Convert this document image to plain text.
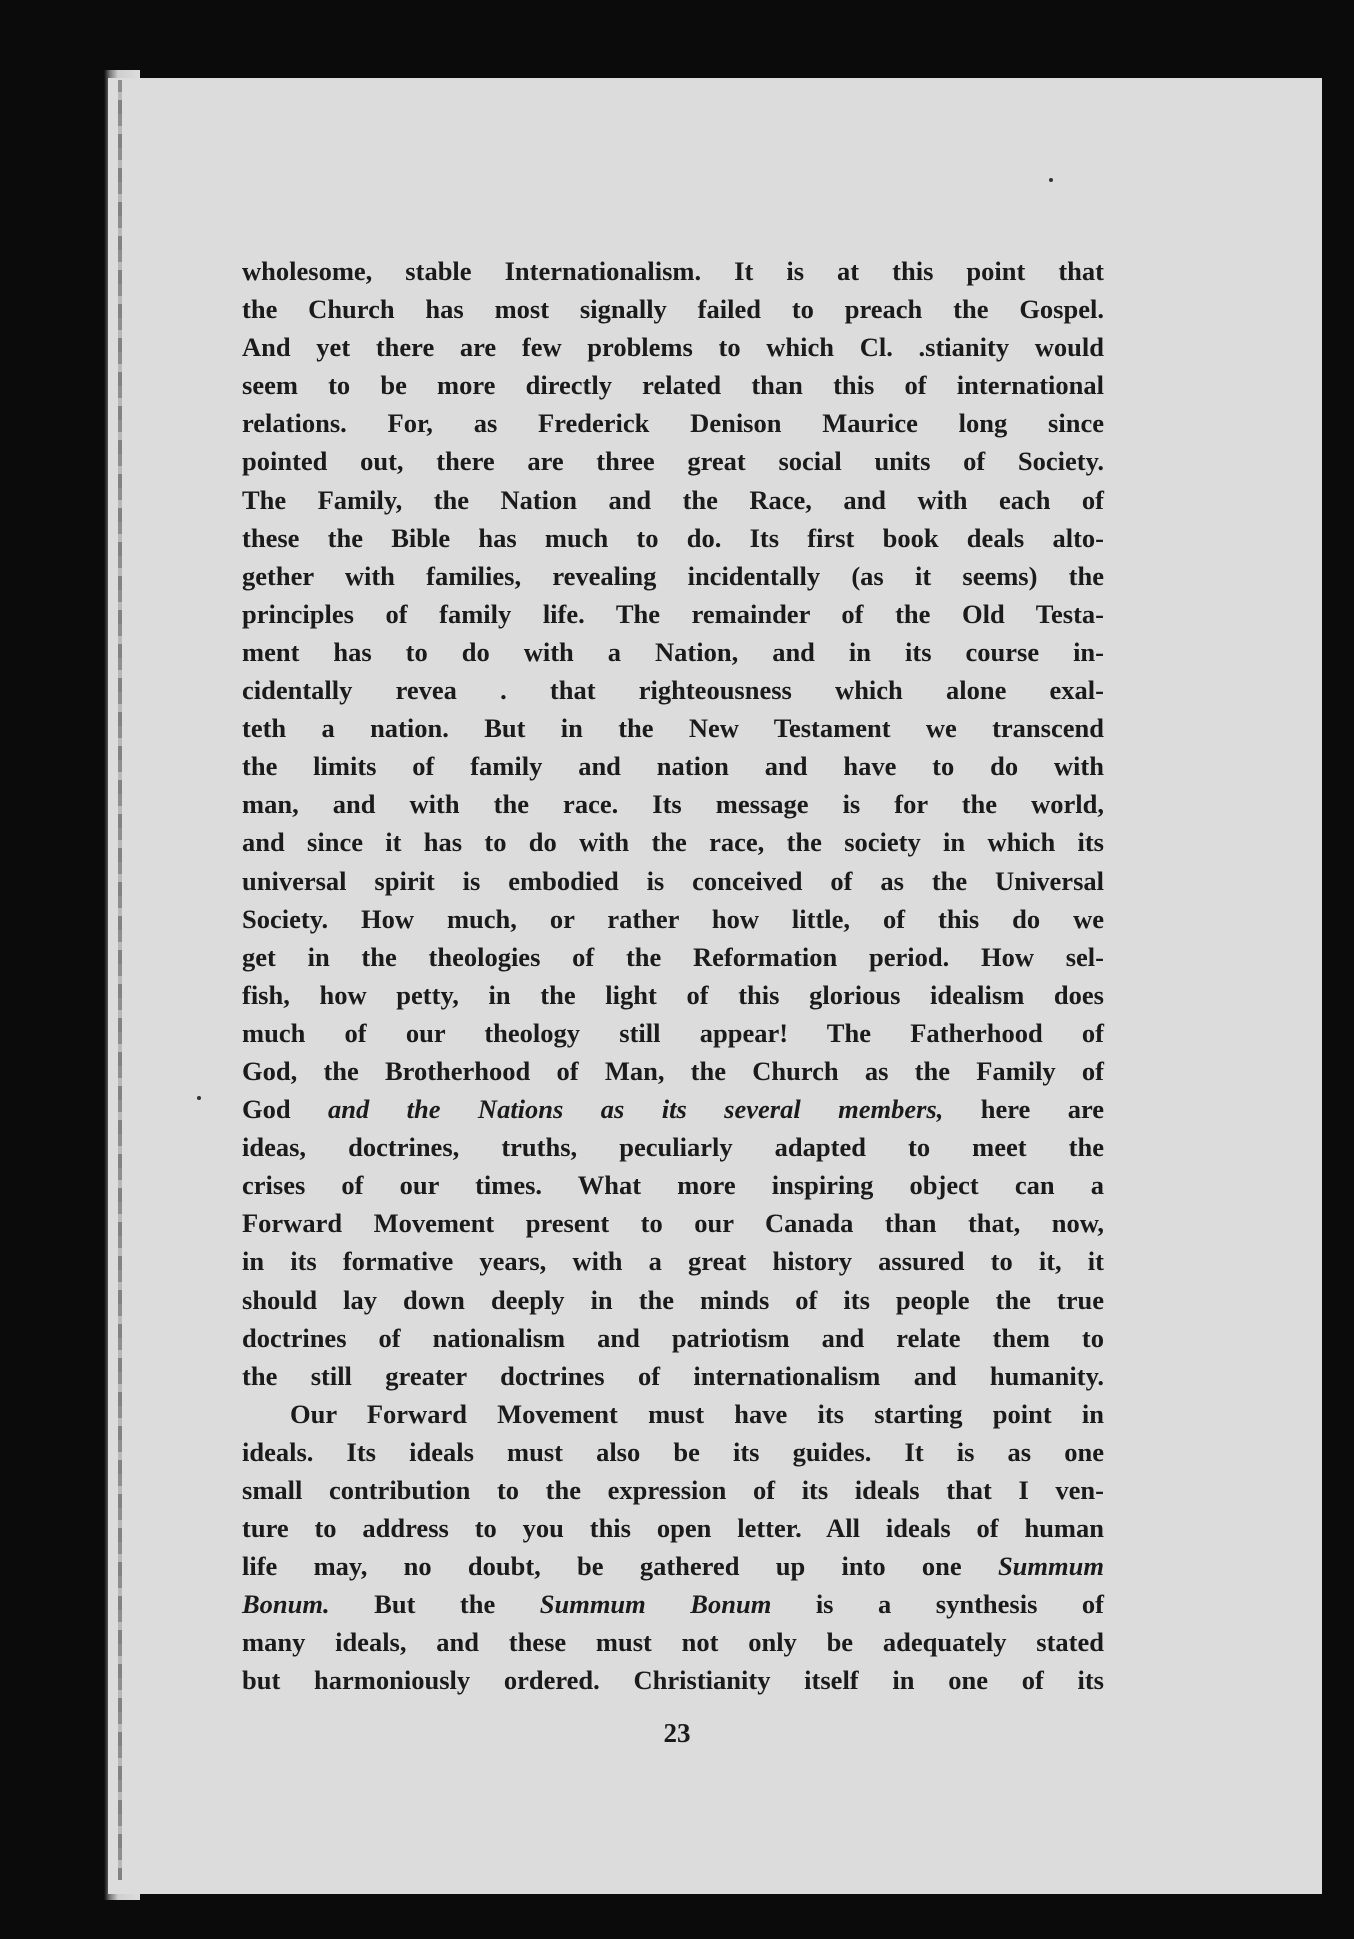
wholesome, stable Internationalism. It is at this point that
the Church has most signally failed to preach the Gospel.
And yet there are few problems to which Cl. .stianity would
seem to be more directly related than this of international
relations. For, as Frederick Denison Maurice long since
pointed out, there are three great social units of Society.
The Family, the Nation and the Race, and with each of
these the Bible has much to do. Its first book deals alto-
gether with families, revealing incidentally (as it seems) the
principles of family life. The remainder of the Old Testa-
ment has to do with a Nation, and in its course in-
cidentally revea . that righteousness which alone exal-
teth a nation. But in the New Testament we transcend
the limits of family and nation and have to do with
man, and with the race. Its message is for the world,
and since it has to do with the race, the society in which its
universal spirit is embodied is conceived of as the Universal
Society. How much, or rather how little, of this do we
get in the theologies of the Reformation period. How sel-
fish, how petty, in the light of this glorious idealism does
much of our theology still appear! The Fatherhood of
God, the Brotherhood of Man, the Church as the Family of
God and the Nations as its several members, here are
ideas, doctrines, truths, peculiarly adapted to meet the
crises of our times. What more inspiring object can a
Forward Movement present to our Canada than that, now,
in its formative years, with a great history assured to it, it
should lay down deeply in the minds of its people the true
doctrines of nationalism and patriotism and relate them to
the still greater doctrines of internationalism and humanity.
Our Forward Movement must have its starting point in
ideals. Its ideals must also be its guides. It is as one
small contribution to the expression of its ideals that I ven-
ture to address to you this open letter. All ideals of human
life may, no doubt, be gathered up into one Summum
Bonum. But the Summum Bonum is a synthesis of
many ideals, and these must not only be adequately stated
but harmoniously ordered. Christianity itself in one of its
23
